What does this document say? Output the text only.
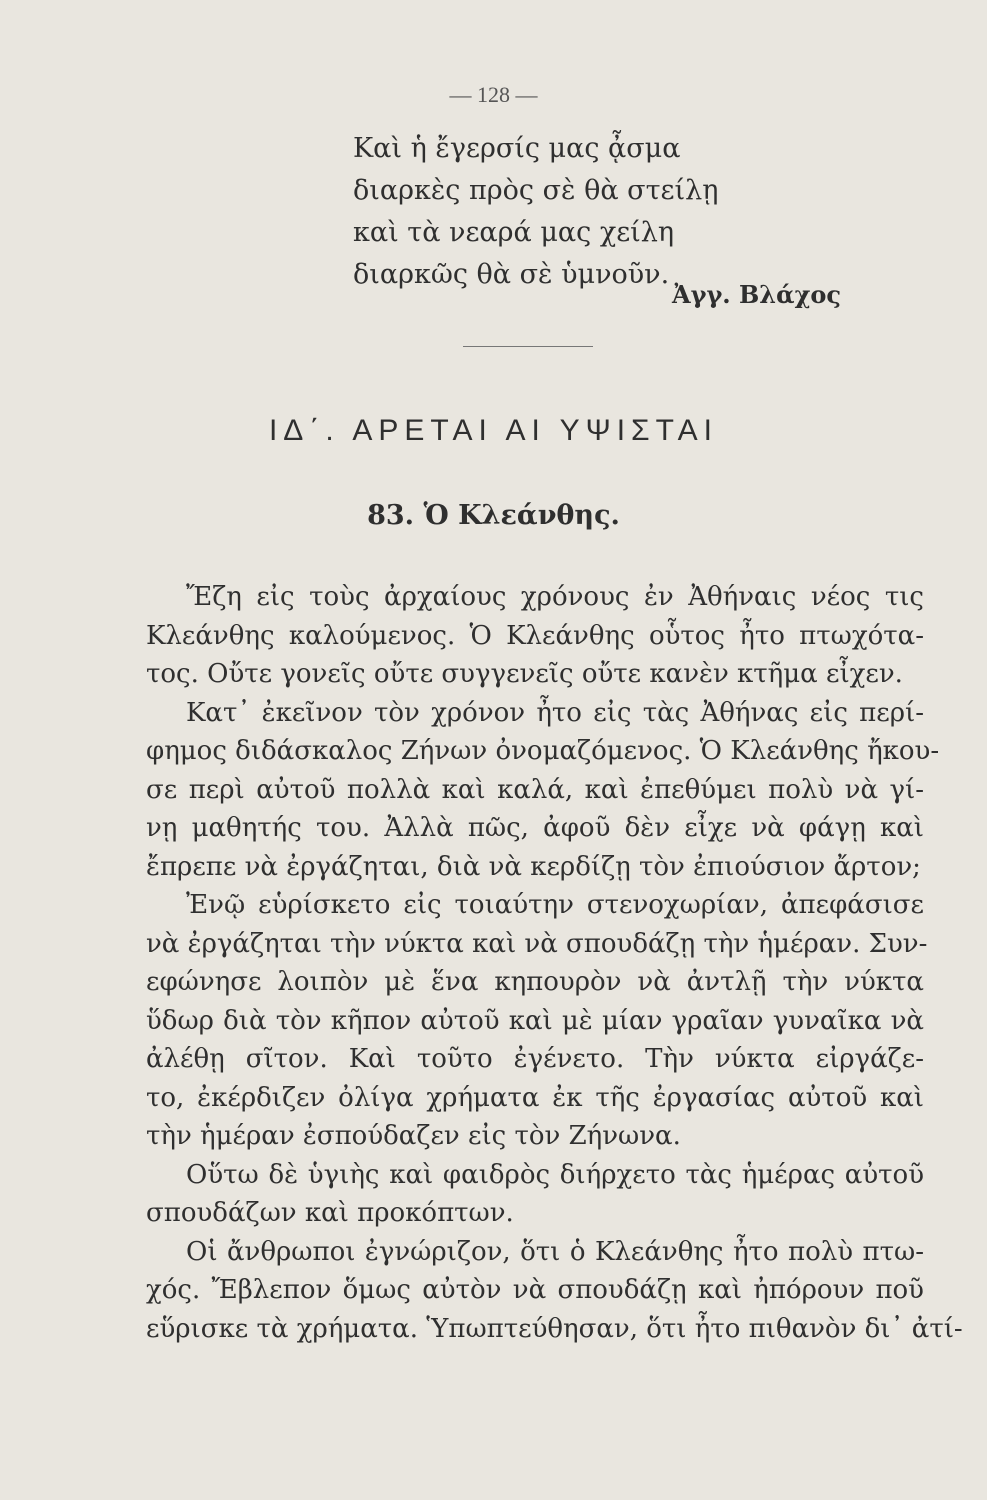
— 128 —
Καὶ ἡ ἔγερσίς μας ᾆσμα
διαρκὲς πρὸς σὲ θὰ στείλῃ
καὶ τὰ νεαρά μας χείλη
διαρκῶς θὰ σὲ ὑμνοῦν.
Ἀγγ. Βλάχος
ΙΔ΄. ΑΡΕΤΑΙ ΑΙ ΥΨΙΣΤΑΙ
83. Ὁ Κλεάνθης.
Ἔζη εἰς τοὺς ἀρχαίους χρόνους ἐν Ἀθήναις νέος τις
Κλεάνθης καλούμενος. Ὁ Κλεάνθης οὗτος ἦτο πτωχότα-
τος. Οὔτε γονεῖς οὔτε συγγενεῖς οὔτε κανὲν κτῆμα εἶχεν.
Κατ᾿ ἐκεῖνον τὸν χρόνον ἦτο εἰς τὰς Ἀθήνας εἰς περί-
φημος διδάσκαλος Ζήνων ὀνομαζόμενος. Ὁ Κλεάνθης ἤκου-
σε περὶ αὐτοῦ πολλὰ καὶ καλά, καὶ ἐπεθύμει πολὺ νὰ γί-
νῃ μαθητής του. Ἀλλὰ πῶς, ἀφοῦ δὲν εἶχε νὰ φάγῃ καὶ
ἔπρεπε νὰ ἐργάζηται, διὰ νὰ κερδίζῃ τὸν ἐπιούσιον ἄρτον;
Ἐνῷ εὑρίσκετο εἰς τοιαύτην στενοχωρίαν, ἀπεφάσισε
νὰ ἐργάζηται τὴν νύκτα καὶ νὰ σπουδάζῃ τὴν ἡμέραν. Συν-
εφώνησε λοιπὸν μὲ ἕνα κηπουρὸν νὰ ἀντλῇ τὴν νύκτα
ὕδωρ διὰ τὸν κῆπον αὐτοῦ καὶ μὲ μίαν γραῖαν γυναῖκα νὰ
ἀλέθῃ σῖτον. Καὶ τοῦτο ἐγένετο. Τὴν νύκτα εἰργάζε-
το, ἐκέρδιζεν ὀλίγα χρήματα ἐκ τῆς ἐργασίας αὐτοῦ καὶ
τὴν ἡμέραν ἐσπούδαζεν εἰς τὸν Ζήνωνα.
Οὕτω δὲ ὑγιὴς καὶ φαιδρὸς διήρχετο τὰς ἡμέρας αὐτοῦ
σπουδάζων καὶ προκόπτων.
Οἱ ἄνθρωποι ἐγνώριζον, ὅτι ὁ Κλεάνθης ἦτο πολὺ πτω-
χός. Ἔβλεπον ὅμως αὐτὸν νὰ σπουδάζῃ καὶ ἠπόρουν ποῦ
εὕρισκε τὰ χρήματα. Ὑπωπτεύθησαν, ὅτι ἦτο πιθανὸν δι᾿ ἀτί-
